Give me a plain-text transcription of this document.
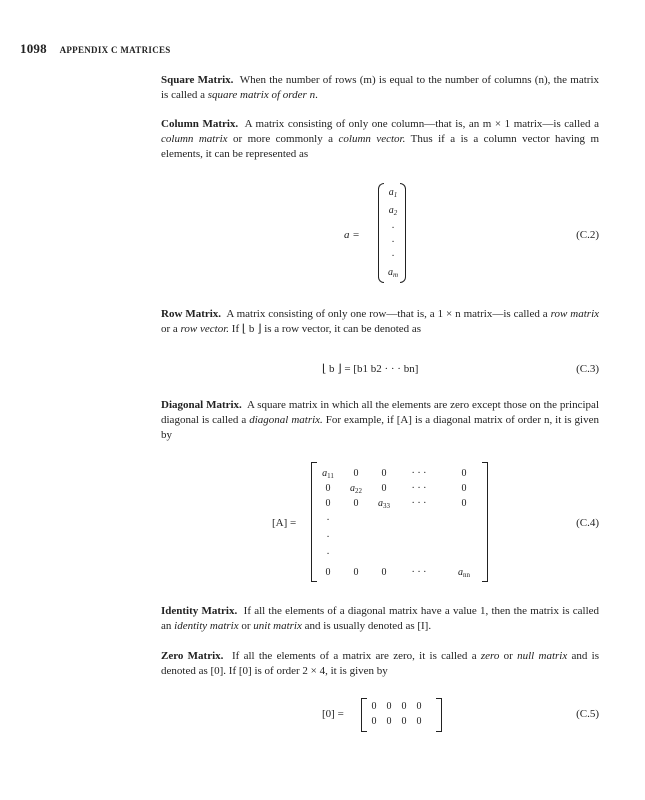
1098 APPENDIX C MATRICES
Square Matrix. When the number of rows (m) is equal to the number of columns (n), the matrix is called a square matrix of order n.
Column Matrix. A matrix consisting of only one column—that is, an m × 1 matrix—is called a column matrix or more commonly a column vector. Thus if a is a column vector having m elements, it can be represented as
a =
$a_1$
$a_2$
·
·
·
$a_m$
(C.2)
Row Matrix. A matrix consisting of only one row—that is, a 1 × n matrix—is called a row matrix or a row vector. If ⌊ b ⌋ is a row vector, it can be denoted as
⌊ b ⌋ = [b1 b2 · · · bn]	(C.3)
Diagonal Matrix. A square matrix in which all the elements are zero except those on the principal diagonal is called a diagonal matrix. For example, if [A] is a diagonal matrix of order n, it is given by
[A] =
$a_{11}$	0	0	· · ·	0
0	$a_{22}$	0	· · ·	0
0	0	$a_{33}$	· · ·	0
·
·
·
0	0	0	· · ·	$a_{nn}$
(C.4)
Identity Matrix. If all the elements of a diagonal matrix have a value 1, then the matrix is called an identity matrix or unit matrix and is usually denoted as [I].
Zero Matrix. If all the elements of a matrix are zero, it is called a zero or null matrix and is denoted as [0]. If [0] is of order 2 × 4, it is given by
[0] =
0	0	0	0
0	0	0	0
(C.5)
